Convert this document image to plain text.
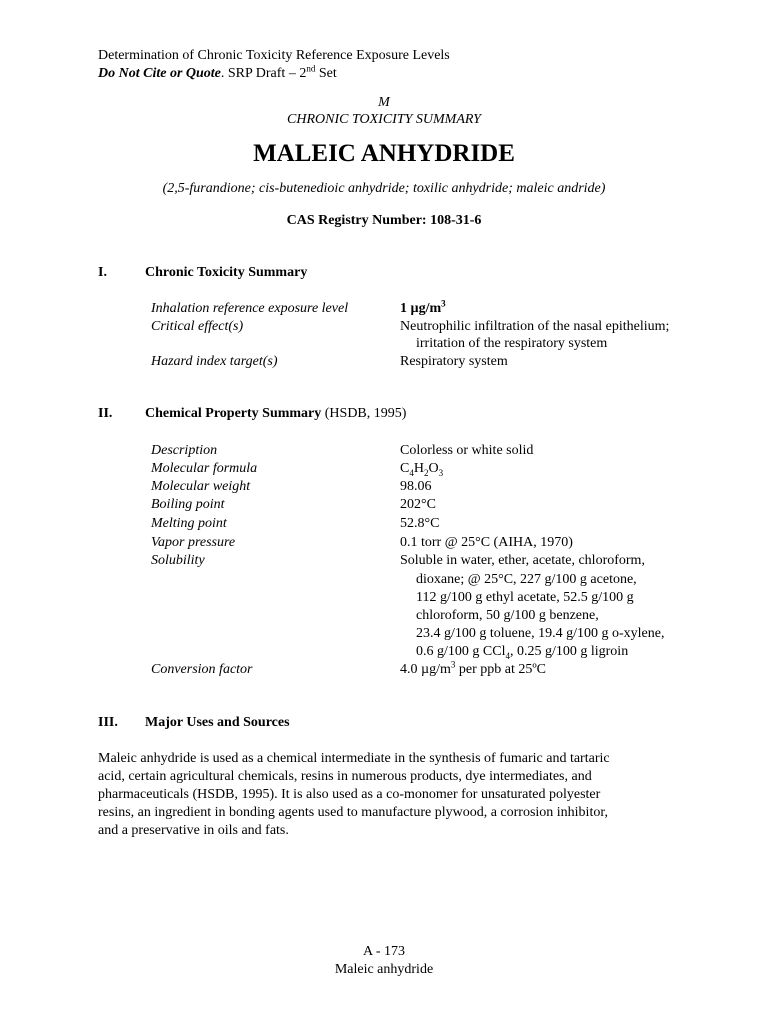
Determination of Chronic Toxicity Reference Exposure Levels
Do Not Cite or Quote. SRP Draft – 2nd Set
M
CHRONIC TOXICITY SUMMARY
MALEIC ANHYDRIDE
(2,5-furandione; cis-butenedioic anhydride; toxilic anhydride; maleic andride)
CAS Registry Number: 108-31-6
I.	Chronic Toxicity Summary
Inhalation reference exposure level	1 $\mu g/m^3$
Critical effect(s)	Neutrophilic infiltration of the nasal epithelium;
irritation of the respiratory system
Hazard index target(s)	Respiratory system
II. Chemical Property Summary (HSDB, 1995)
Description	Colorless or white solid
Molecular formula	$C_4H_2O_3$
Molecular weight	98.06
Boiling point	202°C
Melting point	52.8°C
Vapor pressure	0.1 torr @ 25°C (AIHA, 1970)
Solubility	Soluble in water, ether, acetate, chloroform,
dioxane; @ 25°C, 227 g/100 g acetone,
112 g/100 g ethyl acetate, 52.5 g/100 g
chloroform, 50 g/100 g benzene,
23.4 g/100 g toluene, 19.4 g/100 g o-xylene,
0.6 g/100 g CCl$_4$, 0.25 g/100 g ligroin
Conversion factor	4.0 $\mu g/m^3$ per ppb at 25ºC
III. Major Uses and Sources
Maleic anhydride is used as a chemical intermediate in the synthesis of fumaric and tartaric
acid, certain agricultural chemicals, resins in numerous products, dye intermediates, and
pharmaceuticals (HSDB, 1995). It is also used as a co-monomer for unsaturated polyester
resins, an ingredient in bonding agents used to manufacture plywood, a corrosion inhibitor,
and a preservative in oils and fats.
A - 173
Maleic anhydride
